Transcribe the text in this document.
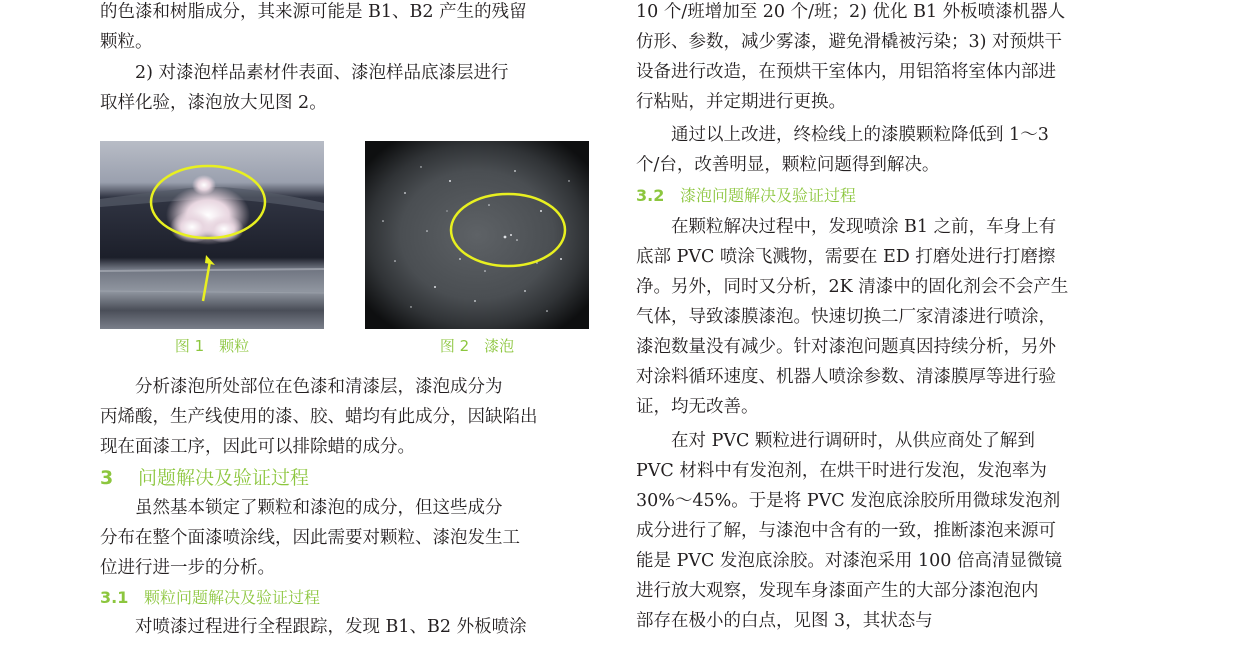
的色漆和树脂成分，其来源可能是 B1、B2 产生的残留
颗粒。

2) 对漆泡样品素材件表面、漆泡样品底漆层进行
取样化验，漆泡放大见图 2。

图 1　颗粒	图 2　漆泡

分析漆泡所处部位在色漆和清漆层，漆泡成分为
丙烯酸，生产线使用的漆、胶、蜡均有此成分，因缺陷出
现在面漆工序，因此可以排除蜡的成分。

3 问题解决及验证过程

虽然基本锁定了颗粒和漆泡的成分，但这些成分
分布在整个面漆喷涂线，因此需要对颗粒、漆泡发生工
位进行进一步的分析。

3.1 颗粒问题解决及验证过程

对喷漆过程进行全程跟踪，发现 B1、B2 外板喷涂

10 个/班增加至 20 个/班；2) 优化 B1 外板喷漆机器人
仿形、参数，减少雾漆，避免滑橇被污染；3) 对预烘干
设备进行改造，在预烘干室体内，用铝箔将室体内部进
行粘贴，并定期进行更换。

通过以上改进，终检线上的漆膜颗粒降低到 1～3
个/台，改善明显，颗粒问题得到解决。

3.2 漆泡问题解决及验证过程

在颗粒解决过程中，发现喷涂 B1 之前，车身上有
底部 PVC 喷涂飞溅物，需要在 ED 打磨处进行打磨擦
净。另外，同时又分析，2K 清漆中的固化剂会不会产生
气体，导致漆膜漆泡。快速切换二厂家清漆进行喷涂，
漆泡数量没有减少。针对漆泡问题真因持续分析，另外
对涂料循环速度、机器人喷涂参数、清漆膜厚等进行验
证，均无改善。

在对 PVC 颗粒进行调研时，从供应商处了解到
PVC 材料中有发泡剂，在烘干时进行发泡，发泡率为
30%～45%。于是将 PVC 发泡底涂胶所用微球发泡剂
成分进行了解，与漆泡中含有的一致，推断漆泡来源可
能是 PVC 发泡底涂胶。对漆泡采用 100 倍高清显微镜
进行放大观察，发现车身漆面产生的大部分漆泡泡内
部存在极小的白点，见图 3，其状态与
